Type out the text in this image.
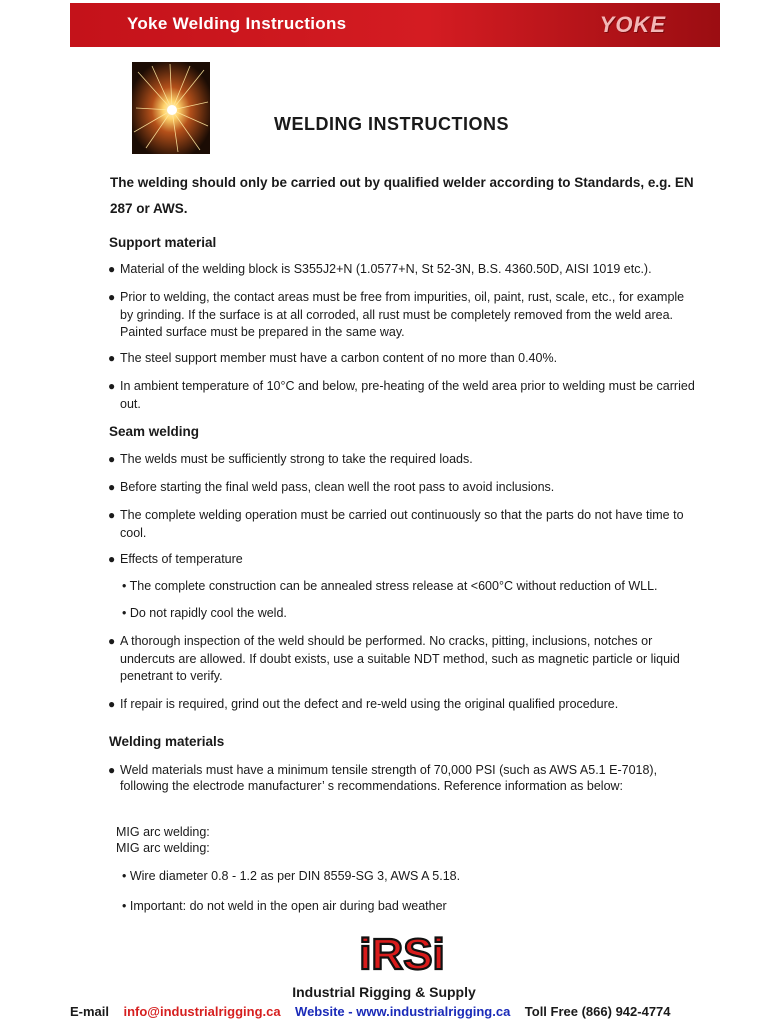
Yoke Welding Instructions	YOKE
WELDING INSTRUCTIONS
The welding should only be carried out by qualified welder according to Standards, e.g. EN 287 or AWS.
Support material
● Material of the welding block is S355J2+N (1.0577+N, St 52-3N, B.S. 4360.50D, AISI 1019 etc.).
● Prior to welding, the contact areas must be free from impurities, oil, paint, rust, scale, etc., for example by grinding. If the surface is at all corroded, all rust must be completely removed from the weld area. Painted surface must be prepared in the same way.
● The steel support member must have a carbon content of no more than 0.40%.
● In ambient temperature of 10°C and below, pre-heating of the weld area prior to welding must be carried out.
Seam welding
● The welds must be sufficiently strong to take the required loads.
● Before starting the final weld pass, clean well the root pass to avoid inclusions.
● The complete welding operation must be carried out continuously so that the parts do not have time to cool.
● Effects of temperature
• The complete construction can be annealed stress release at <600°C without reduction of WLL.
• Do not rapidly cool the weld.
● A thorough inspection of the weld should be performed. No cracks, pitting, inclusions, notches or undercuts are allowed. If doubt exists, use a suitable NDT method, such as magnetic particle or liquid penetrant to verify.
● If repair is required, grind out the defect and re-weld using the original qualified procedure.
Welding materials
● Weld materials must have a minimum tensile strength of 70,000 PSI (such as AWS A5.1 E-7018), following the electrode manufacturer’ s recommendations. Reference information as below:
MIG arc welding:
MIG arc welding:
• Wire diameter 0.8 - 1.2 as per DIN 8559-SG 3, AWS A 5.18.
• Important: do not weld in the open air during bad weather
iRSi
Industrial Rigging & Supply
E-mail info@industrialrigging.ca Website - www.industrialrigging.ca Toll Free (866) 942-4774
